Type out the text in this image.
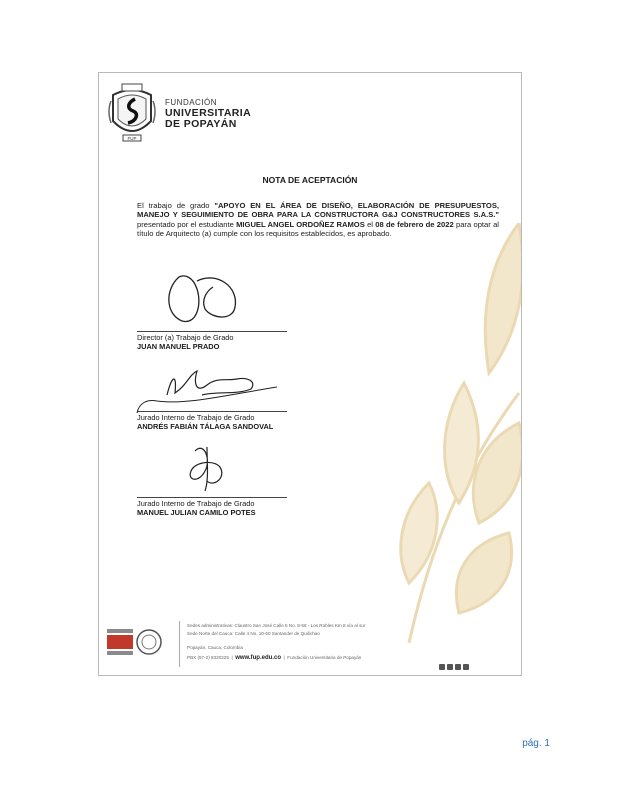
FUP
FUNDACIÓN
UNIVERSITARIA
DE POPAYÁN
NOTA DE ACEPTACIÓN
El trabajo de grado "APOYO EN EL ÁREA DE DISEÑO, ELABORACIÓN DE PRESUPUESTOS, MANEJO Y SEGUIMIENTO DE OBRA PARA LA CONSTRUCTORA G&J CONSTRUCTORES S.A.S." presentado por el estudiante MIGUEL ANGEL ORDOÑEZ RAMOS el 08 de febrero de 2022 para optar al título de Arquitecto (a) cumple con los requisitos establecidos, es aprobado.
Director (a) Trabajo de Grado
JUAN MANUEL PRADO
Jurado Interno de Trabajo de Grado
ANDRÉS FABIÁN TÁLAGA SANDOVAL
Jurado Interno de Trabajo de Grado
MANUEL JULIAN CAMILO POTES
Sedes administrativas: Claustro San José Calle 5 No. 8-58 - Los Robles Km 8 vía al sur
Sede Norte del Cauca: Calle 4 No. 10-50 Santander de Quilichao
Popayán, Cauca, Colombia
PBX (57-2) 8320225  |  www.fup.edu.co  |  Fundación Universitaria de Popayán
pág. 1
